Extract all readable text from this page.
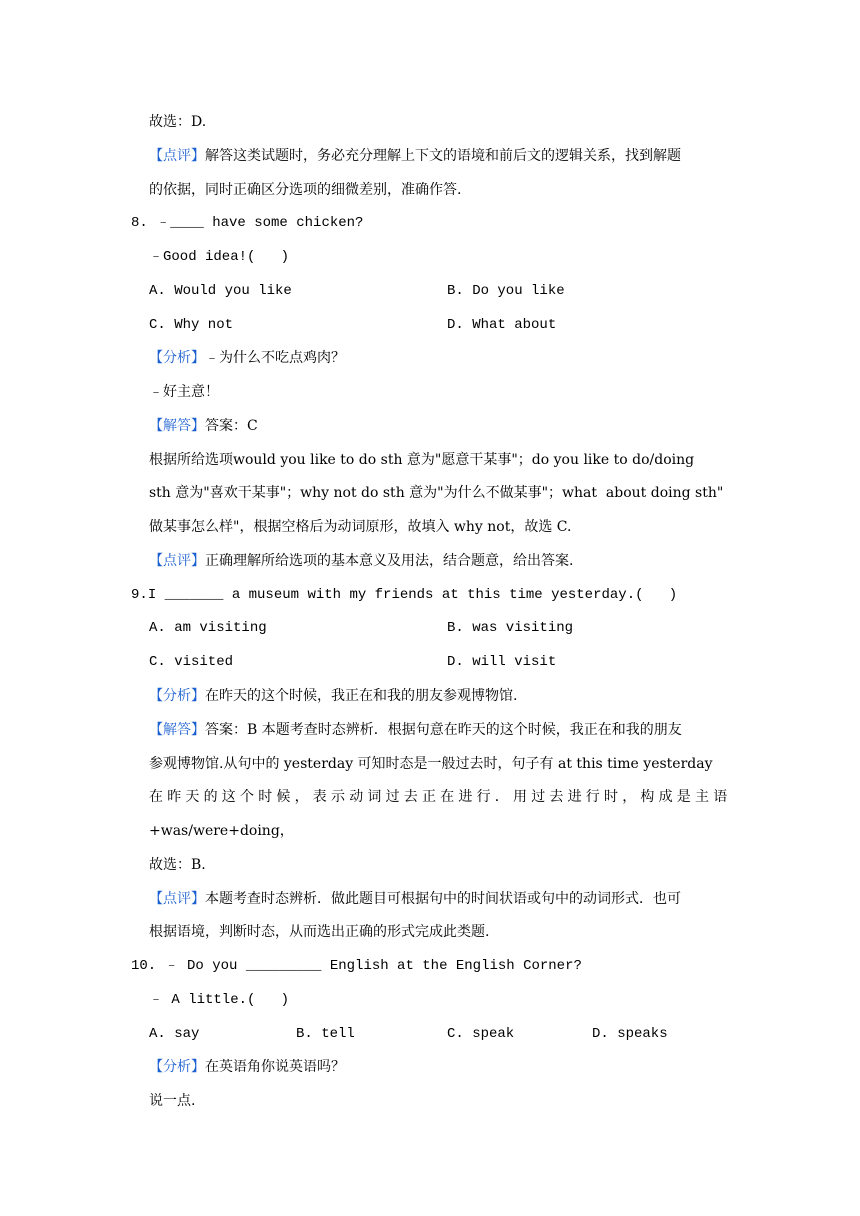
故选：D.
【点评】解答这类试题时，务必充分理解上下文的语境和前后文的逻辑关系，找到解题
的依据，同时正确区分选项的细微差别，准确作答.
8. ﹣____ have some chicken?
﹣Good idea!(   )
A. Would you like	B. Do you like
C. Why not	D. What about
【分析】﹣为什么不吃点鸡肉？
﹣好主意！
【解答】答案：C
根据所给选项would you like to do sth 意为"愿意干某事"；do you like to do/doing
sth 意为"喜欢干某事"；why not do sth 意为"为什么不做某事"；what  about doing sth"
做某事怎么样"，根据空格后为动词原形，故填入 why not，故选 C.
【点评】正确理解所给选项的基本意义及用法，结合题意，给出答案.
9.I _______ a museum with my friends at this time yesterday.(   )
A. am visiting	B. was visiting
C. visited	D. will visit
【分析】在昨天的这个时候，我正在和我的朋友参观博物馆.
【解答】答案：B 本题考查时态辨析．根据句意在昨天的这个时候，我正在和我的朋友
参观博物馆.从句中的 yesterday 可知时态是一般过去时，句子有 at this time yesterday
在昨天的这个时候，表示动词过去正在进行．用过去进行时，构成是主语
+was/were+doing，
故选：B.
【点评】本题考查时态辨析．做此题目可根据句中的时间状语或句中的动词形式．也可
根据语境，判断时态，从而选出正确的形式完成此类题.
10. ﹣ Do you _________ English at the English Corner?
﹣ A little.(   )
A. say	B. tell	C. speak	D. speaks
【分析】在英语角你说英语吗？
说一点.
